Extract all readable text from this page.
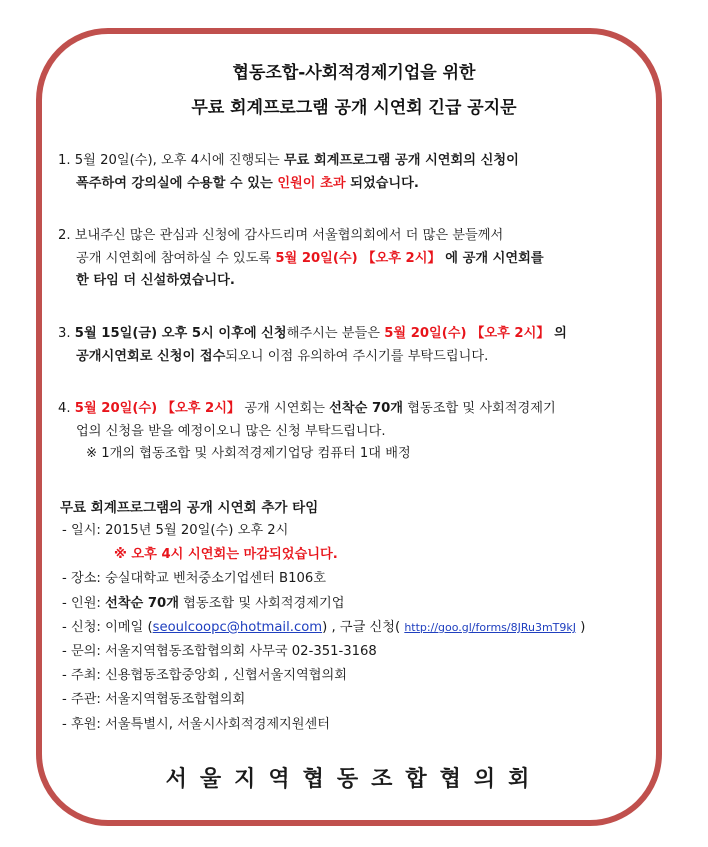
협동조합-사회적경제기업을 위한
무료 회계프로그램 공개 시연회 긴급 공지문
1. 5월 20일(수), 오후 4시에 진행되는 무료 회계프로그램 공개 시연회의 신청이
폭주하여 강의실에 수용할 수 있는 인원이 초과 되었습니다.
2. 보내주신 많은 관심과 신청에 감사드리며 서울협의회에서 더 많은 분들께서
공개 시연회에 참여하실 수 있도록 5월 20일(수) 【오후 2시】 에 공개 시연회를
한 타임 더 신설하였습니다.
3. 5월 15일(금) 오후 5시 이후에 신청해주시는 분들은 5월 20일(수) 【오후 2시】 의
공개시연회로 신청이 접수되오니 이점 유의하여 주시기를 부탁드립니다.
4. 5월 20일(수) 【오후 2시】 공개 시연회는 선착순 70개 협동조합 및 사회적경제기
업의 신청을 받을 예정이오니 많은 신청 부탁드립니다.
※ 1개의 협동조합 및 사회적경제기업당 컴퓨터 1대 배정
무료 회계프로그램의 공개 시연회 추가 타임
- 일시: 2015년 5월 20일(수) 오후 2시
※ 오후 4시 시연회는 마감되었습니다.
- 장소: 숭실대학교 벤처중소기업센터 B106호
- 인원: 선착순 70개 협동조합 및 사회적경제기업
- 신청: 이메일 (seoulcoopc@hotmail.com) , 구글 신청( http://goo.gl/forms/8JRu3mT9kJ )
- 문의: 서울지역협동조합협의회 사무국 02-351-3168
- 주최: 신용협동조합중앙회 , 신협서울지역협의회
- 주관: 서울지역협동조합협의회
- 후원: 서울특별시, 서울시사회적경제지원센터
서울지역협동조합협의회
